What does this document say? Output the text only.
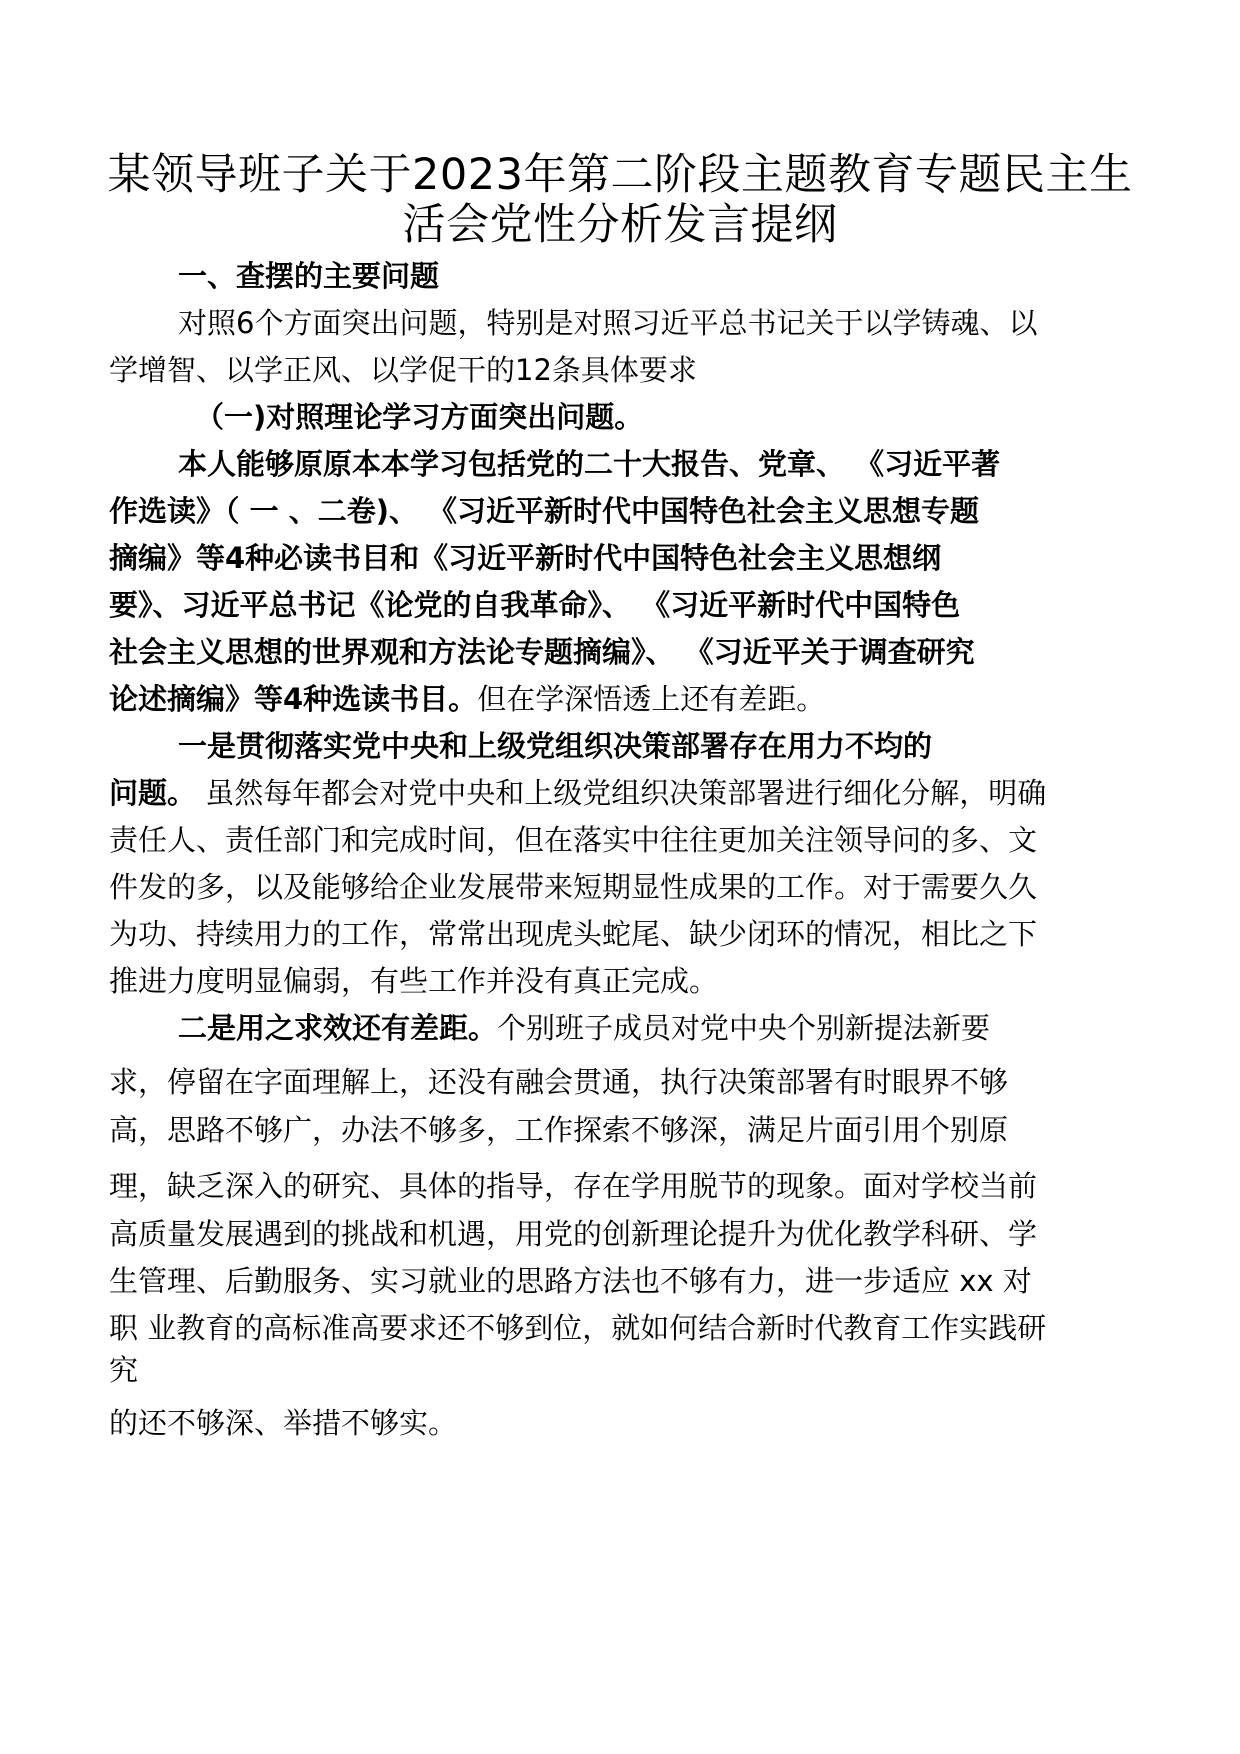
某领导班子关于2023年第二阶段主题教育专题民主生
活会党性分析发言提纲
一、查摆的主要问题
对照6个方面突出问题，特别是对照习近平总书记关于以学铸魂、以
学增智、以学正风、以学促干的12条具体要求
（一)对照理论学习方面突出问题。
本人能够原原本本学习包括党的二十大报告、党章、 《习近平著
作选读》（ 一 、二卷)、 《习近平新时代中国特色社会主义思想专题
摘编》等4种必读书目和《习近平新时代中国特色社会主义思想纲
要》、习近平总书记《论党的自我革命》、 《习近平新时代中国特色
社会主义思想的世界观和方法论专题摘编》、 《习近平关于调查研究
论述摘编》等4种选读书目。但在学深悟透上还有差距。
一是贯彻落实党中央和上级党组织决策部署存在用力不均的
问题。 虽然每年都会对党中央和上级党组织决策部署进行细化分解，明确
责任人、责任部门和完成时间，但在落实中往往更加关注领导问的多、文
件发的多，以及能够给企业发展带来短期显性成果的工作。对于需要久久
为功、持续用力的工作，常常出现虎头蛇尾、缺少闭环的情况，相比之下
推进力度明显偏弱，有些工作并没有真正完成。
二是用之求效还有差距。个别班子成员对党中央个别新提法新要
求，停留在字面理解上，还没有融会贯通，执行决策部署有时眼界不够
高，思路不够广，办法不够多，工作探索不够深，满足片面引用个别原
理，缺乏深入的研究、具体的指导，存在学用脱节的现象。面对学校当前
高质量发展遇到的挑战和机遇，用党的创新理论提升为优化教学科研、学
生管理、后勤服务、实习就业的思路方法也不够有力，进一步适应 xx 对
职 业教育的高标准高要求还不够到位，就如何结合新时代教育工作实践研
究
的还不够深、举措不够实。
